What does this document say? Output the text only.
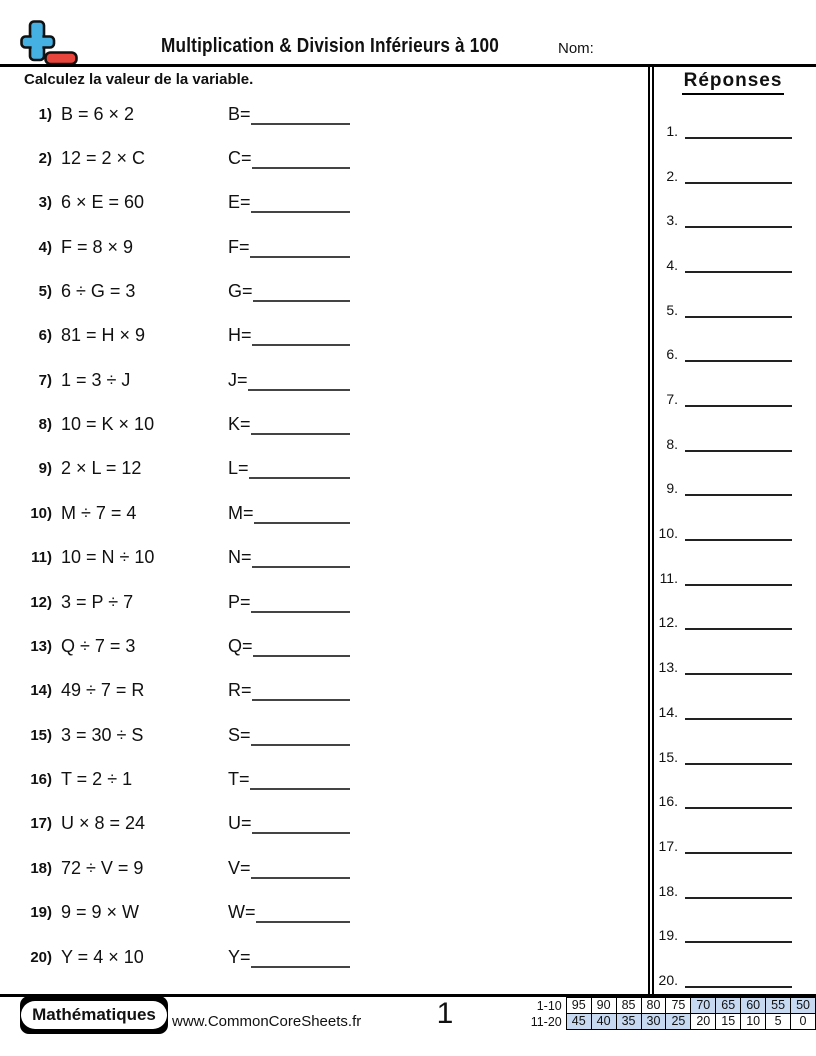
Multiplication & Division Inférieurs à 100	Nom:
Calculez la valeur de la variable.
1) B = 6 × 2	B=
2) 12 = 2 × C	C=
3) 6 × E = 60	E=
4) F = 8 × 9	F=
5) 6 ÷ G = 3	G=
6) 81 = H × 9	H=
7) 1 = 3 ÷ J	J=
8) 10 = K × 10	K=
9) 2 × L = 12	L=
10) M ÷ 7 = 4	M=
11) 10 = N ÷ 10	N=
12) 3 = P ÷ 7	P=
13) Q ÷ 7 = 3	Q=
14) 49 ÷ 7 = R	R=
15) 3 = 30 ÷ S	S=
16) T = 2 ÷ 1	T=
17) U × 8 = 24	U=
18) 72 ÷ V = 9	V=
19) 9 = 9 × W	W=
20) Y = 4 × 10	Y=
Réponses
1.
2.
3.
4.
5.
6.
7.
8.
9.
10.
11.
12.
13.
14.
15.
16.
17.
18.
19.
20.
Mathématiques	www.CommonCoreSheets.fr	1	1-10	95	90	85	80	75	70	65	60	55	50
11-20	45	40	35	30	25	20	15	10	5	0
